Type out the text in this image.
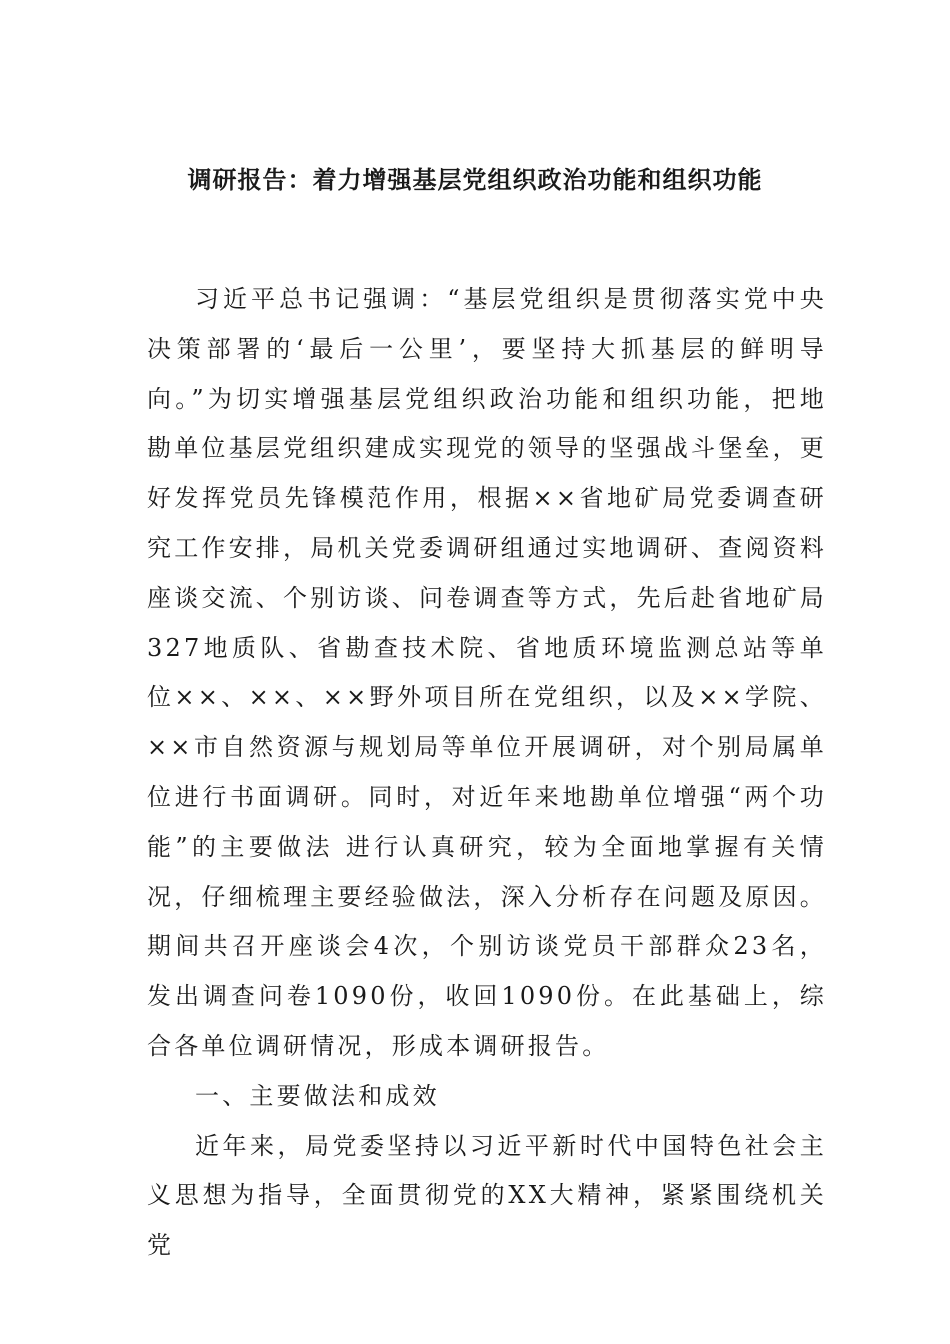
调研报告：着力增强基层党组织政治功能和组织功能

习近平总书记强调：“基层党组织是贯彻落实党中央决策部署的‘最后一公里’，要坚持大抓基层的鲜明导向。”为切实增强基层党组织政治功能和组织功能，把地勘单位基层党组织建成实现党的领导的坚强战斗堡垒，更好发挥党员先锋模范作用，根据××省地矿局党委调查研究工作安排，局机关党委调研组通过实地调研、查阅资料座谈交流、个别访谈、问卷调查等方式，先后赴省地矿局327地质队、省勘查技术院、省地质环境监测总站等单位××、××、××野外项目所在党组织，以及××学院、××市自然资源与规划局等单位开展调研，对个别局属单位进行书面调研。同时，对近年来地勘单位增强“两个功能”的主要做法 进行认真研究，较为全面地掌握有关情况，仔细梳理主要经验做法，深入分析存在问题及原因。期间共召开座谈会4次，个别访谈党员干部群众23名，发出调查问卷1090份，收回1090份。在此基础上，综合各单位调研情况，形成本调研报告。

一、主要做法和成效

近年来，局党委坚持以习近平新时代中国特色社会主义思想为指导，全面贯彻党的XX大精神，紧紧围绕机关党
